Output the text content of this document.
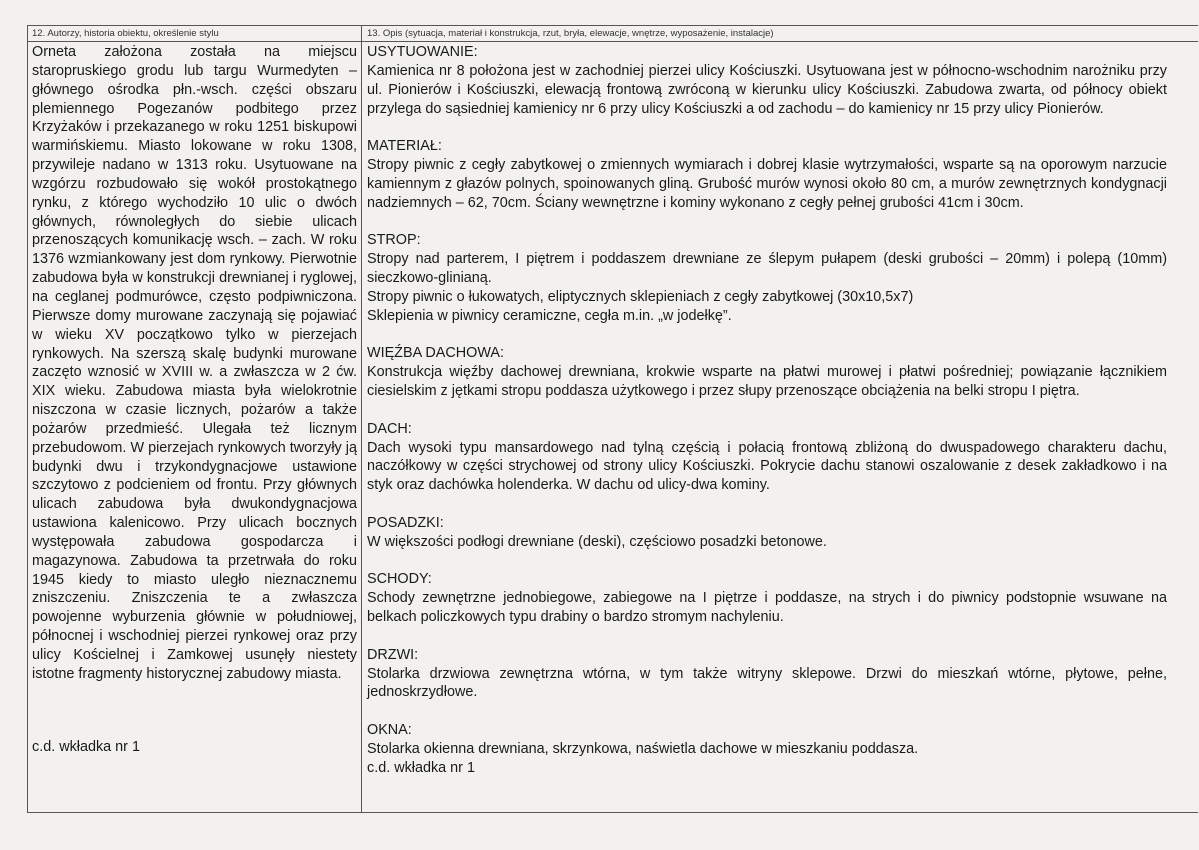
12. Autorzy, historia obiektu, określenie stylu	13. Opis (sytuacja, materiał i konstrukcja, rzut, bryła, elewacje, wnętrze, wyposażenie, instalacje)

Orneta założona została na miejscu staropruskiego grodu lub targu Wurmedyten – głównego ośrodka płn.-wsch. części obszaru plemiennego Pogezanów podbitego przez Krzyżaków i przekazanego w roku 1251 biskupowi warmińskiemu. Miasto lokowane w roku 1308, przywileje nadano w 1313 roku. Usytuowane na wzgórzu rozbudowało się wokół prostokątnego rynku, z którego wychodziło 10 ulic o dwóch głównych, równoległych do siebie ulicach przenoszących komunikację wsch. – zach. W roku 1376 wzmiankowany jest dom rynkowy. Pierwotnie zabudowa była w konstrukcji drewnianej i ryglowej, na ceglanej podmurówce, często podpiwniczona. Pierwsze domy murowane zaczynają się pojawiać w wieku XV początkowo tylko w pierzejach rynkowych. Na szerszą skalę budynki murowane zaczęto wznosić w XVIII w. a zwłaszcza w 2 ćw. XIX wieku. Zabudowa miasta była wielokrotnie niszczona w czasie licznych, pożarów a także pożarów przedmieść. Ulegała też licznym przebudowom. W pierzejach rynkowych tworzyły ją budynki dwu i trzykondygnacjowe ustawione szczytowo z podcieniem od frontu. Przy głównych ulicach zabudowa była dwukondygnacjowa ustawiona kalenicowo. Przy ulicach bocznych występowała zabudowa gospodarcza i magazynowa. Zabudowa ta przetrwała do roku 1945 kiedy to miasto uległo nieznacznemu zniszczeniu. Zniszczenia te a zwłaszcza powojenne wyburzenia głównie w południowej, północnej i wschodniej pierzei rynkowej oraz przy ulicy Kościelnej i Zamkowej usunęły niestety istotne fragmenty historycznej zabudowy miasta.

c.d. wkładka nr 1
USYTUOWANIE:
Kamienica nr 8 położona jest w zachodniej pierzei ulicy Kościuszki. Usytuowana jest w północno-wschodnim narożniku przy ul. Pionierów i Kościuszki, elewacją frontową zwróconą w kierunku ulicy Kościuszki. Zabudowa zwarta, od północy obiekt przylega do sąsiedniej kamienicy nr 6 przy ulicy Kościuszki a od zachodu – do kamienicy nr 15 przy ulicy Pionierów.
MATERIAŁ:
Stropy piwnic z cegły zabytkowej o zmiennych wymiarach i dobrej klasie wytrzymałości, wsparte są na oporowym narzucie kamiennym z głazów polnych, spoinowanych gliną. Grubość murów wynosi około 80 cm, a murów zewnętrznych kondygnacji nadziemnych – 62, 70cm. Ściany wewnętrzne i kominy wykonano z cegły pełnej grubości 41cm i 30cm.
STROP:
Stropy nad parterem, I piętrem i poddaszem drewniane ze ślepym pułapem (deski grubości – 20mm) i polepą (10mm) sieczkowo-glinianą.
Stropy piwnic o łukowatych, eliptycznych sklepieniach z cegły zabytkowej (30x10,5x7)
Sklepienia w piwnicy ceramiczne, cegła m.in. „w jodełkę”.
WIĘŹBA DACHOWA:
Konstrukcja więźby dachowej drewniana, krokwie wsparte na płatwi murowej i płatwi pośredniej; powiązanie łącznikiem ciesielskim z jętkami stropu poddasza użytkowego i przez słupy przenoszące obciążenia na belki stropu I piętra.
DACH:
Dach wysoki typu mansardowego nad tylną częścią i połacią frontową zbliżoną do dwuspadowego charakteru dachu, naczółkowy w części strychowej od strony ulicy Kościuszki. Pokrycie dachu stanowi oszalowanie z desek zakładkowo i na styk oraz dachówka holenderka. W dachu od ulicy-dwa kominy.
POSADZKI:
W większości podłogi drewniane (deski), częściowo posadzki betonowe.
SCHODY:
Schody zewnętrzne jednobiegowe, zabiegowe na I piętrze i poddasze, na strych i do piwnicy podstopnie wsuwane na belkach policzkowych typu drabiny o bardzo stromym nachyleniu.
DRZWI:
Stolarka drzwiowa zewnętrzna wtórna, w tym także witryny sklepowe. Drzwi do mieszkań wtórne, płytowe, pełne, jednoskrzydłowe.
OKNA:
Stolarka okienna drewniana, skrzynkowa, naświetla dachowe w mieszkaniu poddasza.
c.d. wkładka nr 1
